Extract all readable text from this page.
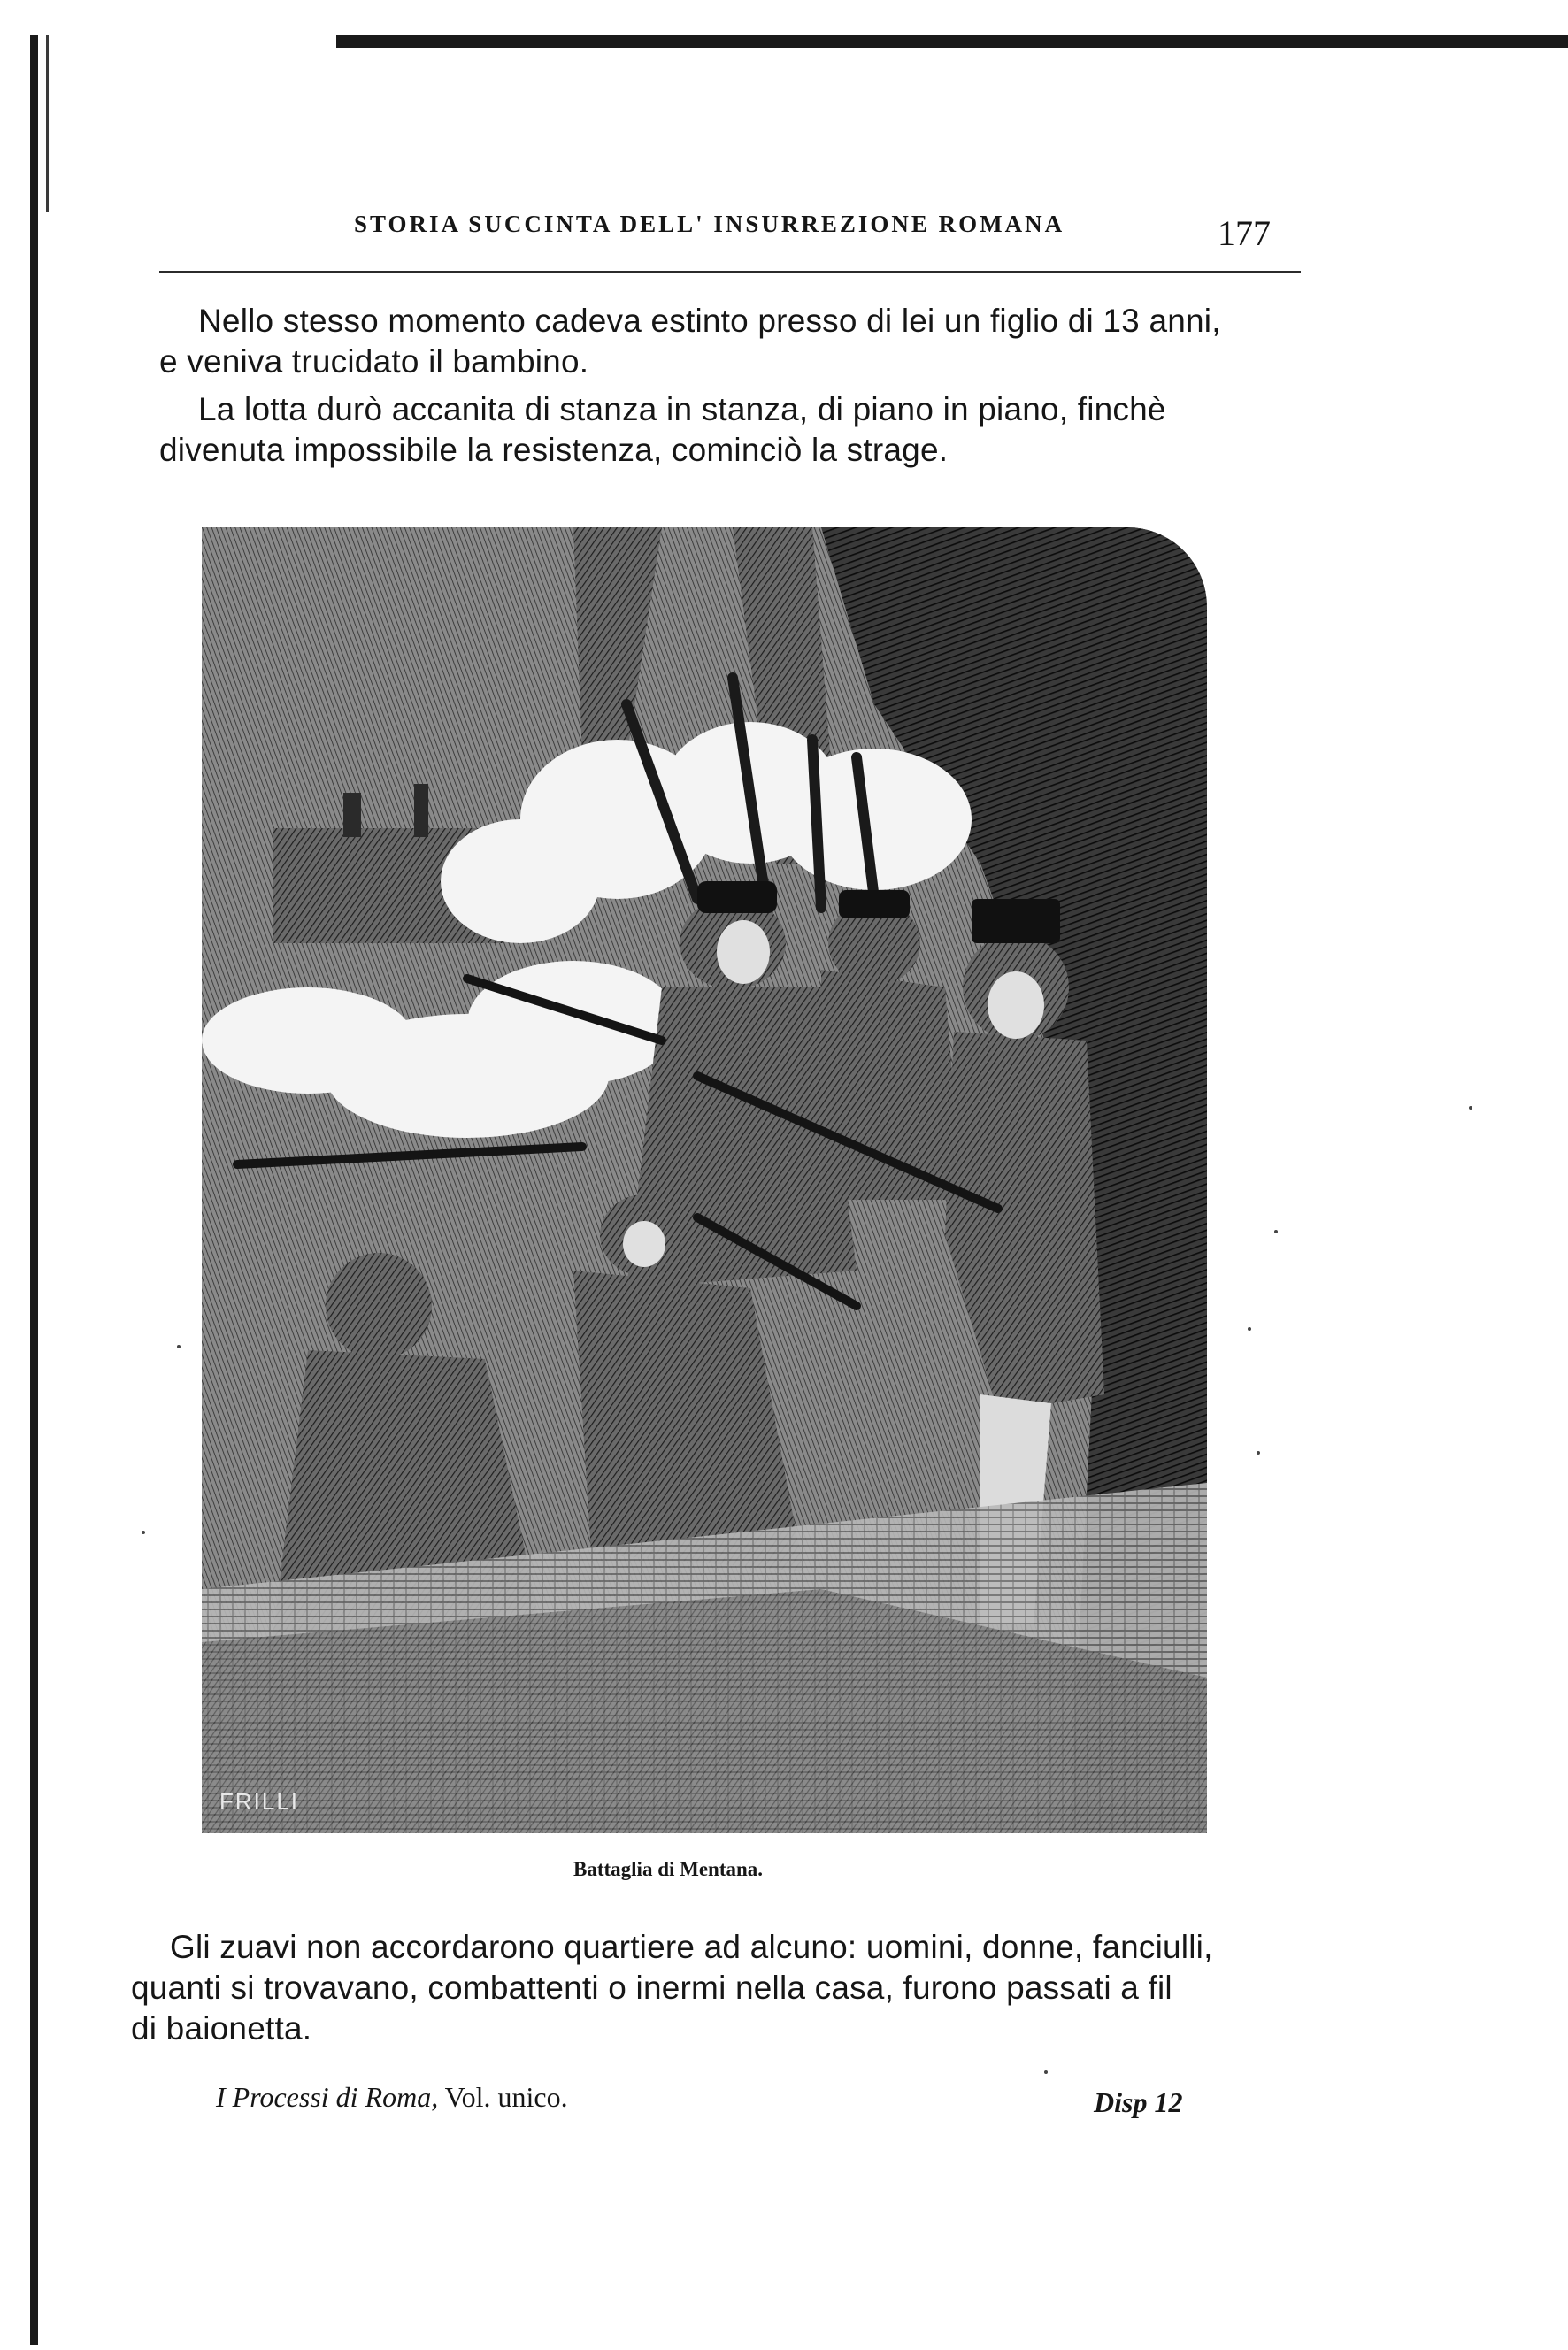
STORIA SUCCINTA DELL' INSURREZIONE ROMANA	177
Nello stesso momento cadeva estinto presso di lei un figlio di 13 anni,
e veniva trucidato il bambino.
La lotta durò accanita di stanza in stanza, di piano in piano, finchè
divenuta impossibile la resistenza, cominciò la strage.
FRILLI
Battaglia di Mentana.
Gli zuavi non accordarono quartiere ad alcuno: uomini, donne, fanciulli,
quanti si trovavano, combattenti o inermi nella casa, furono passati a fil
di baionetta.
I Processi di Roma, Vol. unico.	Disp 12
